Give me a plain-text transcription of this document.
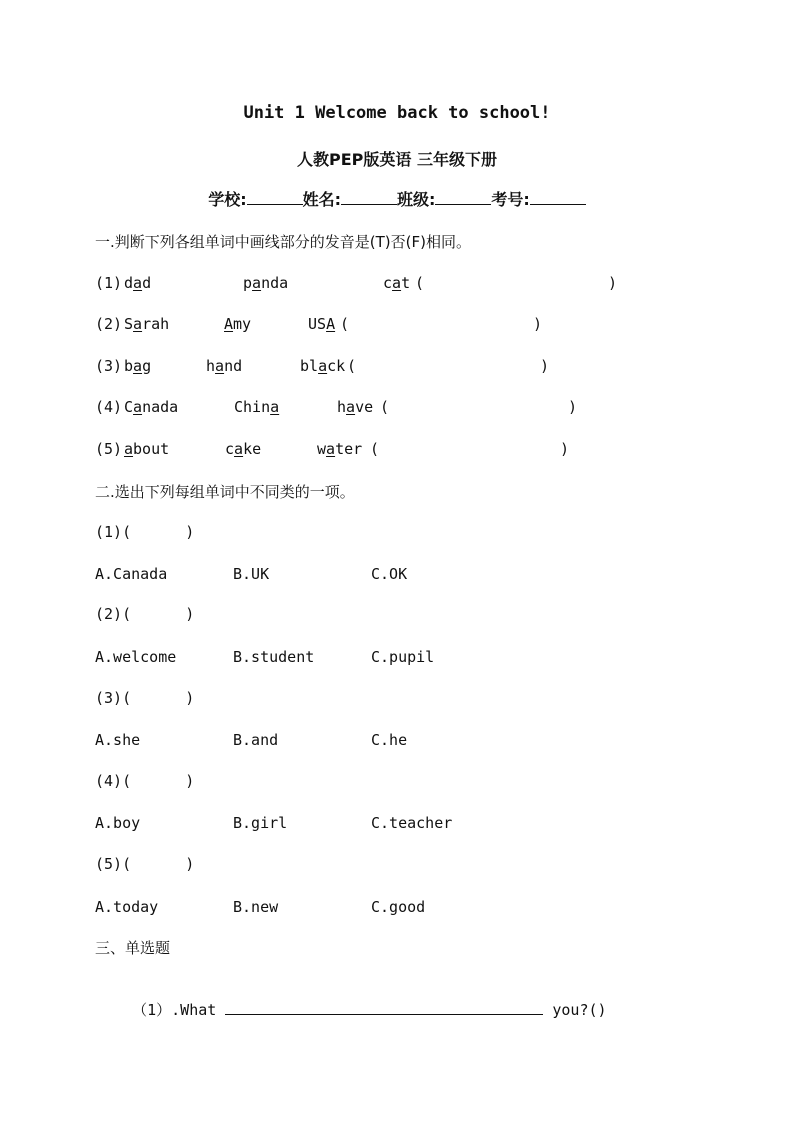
Unit 1 Welcome back to school!
人教PEP版英语 三年级下册
学校:	姓名:	班级:	考号:
一.判断下列各组单词中画线部分的发音是(T)否(F)相同。
(1) dad	panda	cat (	)
(2) Sarah	Amy	USA (	)
(3) bag	hand	black (	)
(4) Canada	China	have (	)
(5) about	cake	water (	)
二.选出下列每组单词中不同类的一项。
(1)(      )
A.Canada	B.UK	C.OK
(2)(      )
A.welcome	B.student	C.pupil
(3)(      )
A.she	B.and	C.he
(4)(      )
A.boy	B.girl	C.teacher
(5)(      )
A.today	B.new	C.good
三、单选题

（1）.What	you?()
